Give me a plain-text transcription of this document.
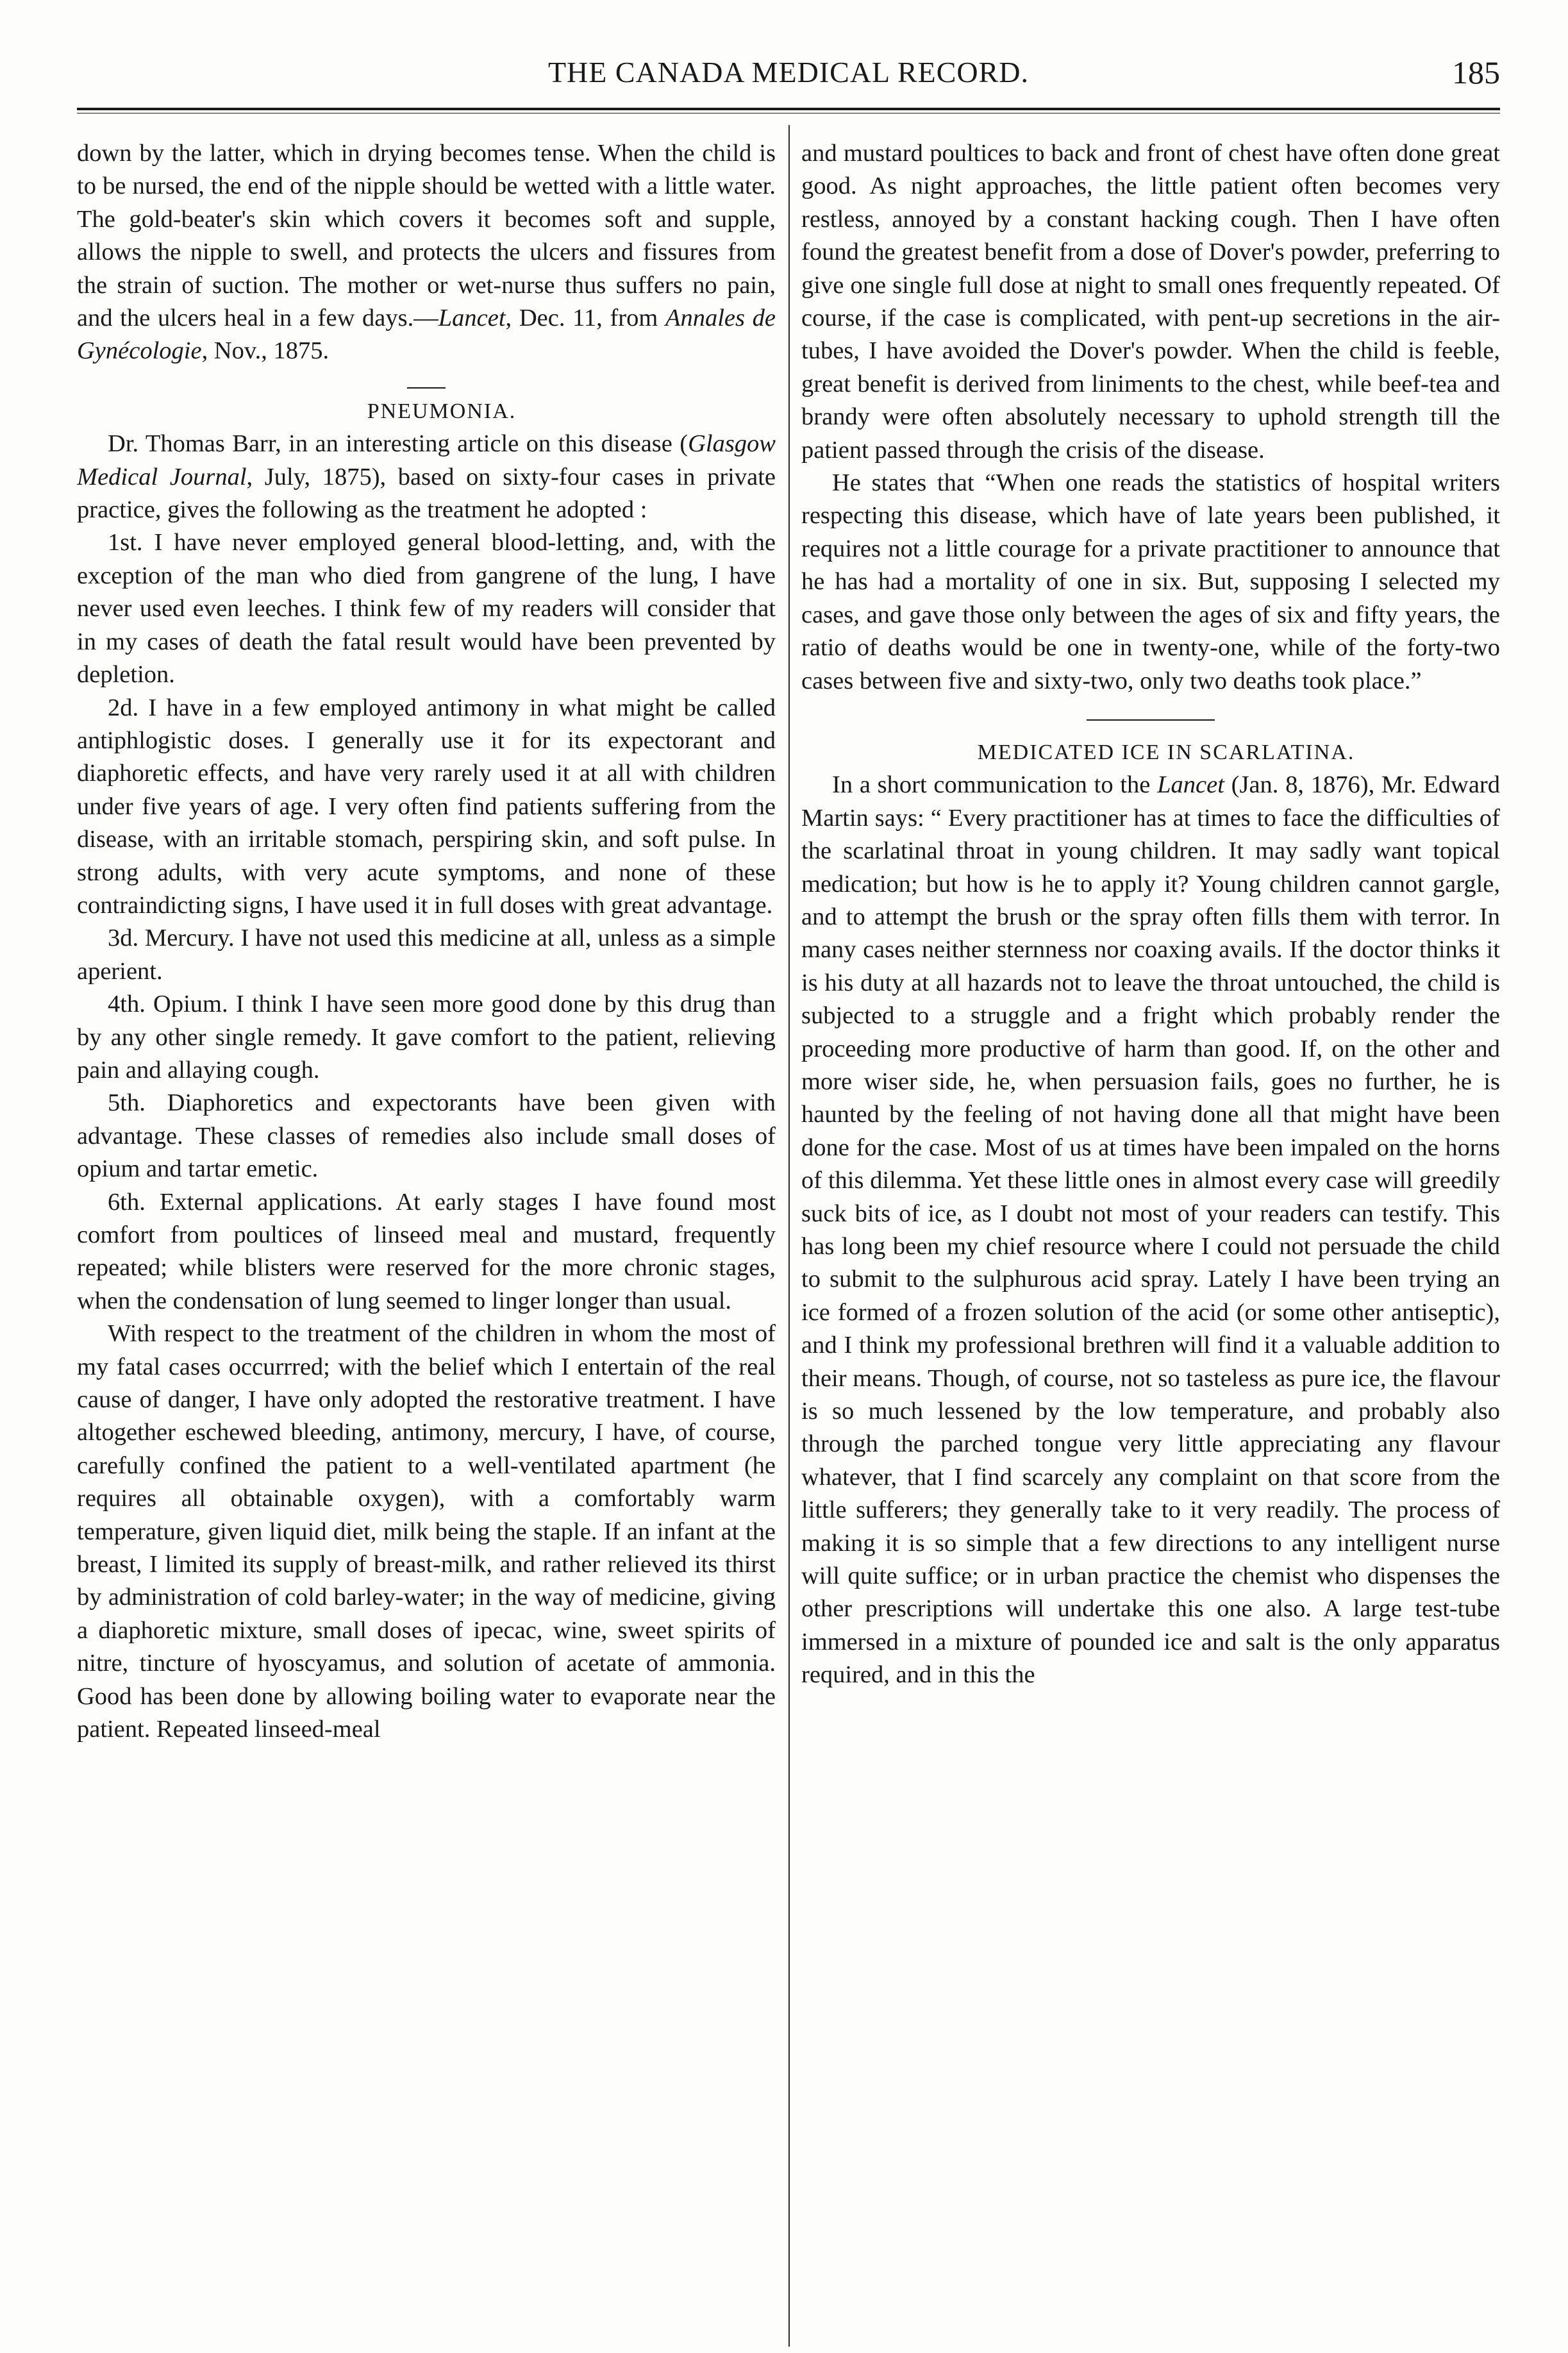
THE CANADA MEDICAL RECORD.	185

down by the latter, which in drying becomes tense. When the child is to be nursed, the end of the nipple should be wetted with a little water. The gold-beater's skin which covers it becomes soft and supple, allows the nipple to swell, and protects the ulcers and fissures from the strain of suction. The mother or wet-nurse thus suffers no pain, and the ulcers heal in a few days.—Lancet, Dec. 11, from Annales de Gynécologie, Nov., 1875.

PNEUMONIA.

Dr. Thomas Barr, in an interesting article on this disease (Glasgow Medical Journal, July, 1875), based on sixty-four cases in private practice, gives the following as the treatment he adopted :

1st. I have never employed general blood-letting, and, with the exception of the man who died from gangrene of the lung, I have never used even leeches. I think few of my readers will consider that in my cases of death the fatal result would have been prevented by depletion.

2d. I have in a few employed antimony in what might be called antiphlogistic doses. I generally use it for its expectorant and diaphoretic effects, and have very rarely used it at all with children under five years of age. I very often find patients suffering from the disease, with an irritable stomach, perspiring skin, and soft pulse. In strong adults, with very acute symptoms, and none of these contraindicting signs, I have used it in full doses with great advantage.

3d. Mercury. I have not used this medicine at all, unless as a simple aperient.

4th. Opium. I think I have seen more good done by this drug than by any other single remedy. It gave comfort to the patient, relieving pain and allaying cough.

5th. Diaphoretics and expectorants have been given with advantage. These classes of remedies also include small doses of opium and tartar emetic.

6th. External applications. At early stages I have found most comfort from poultices of linseed meal and mustard, frequently repeated; while blisters were reserved for the more chronic stages, when the condensation of lung seemed to linger longer than usual.

With respect to the treatment of the children in whom the most of my fatal cases occurrred; with the belief which I entertain of the real cause of danger, I have only adopted the restorative treatment. I have altogether eschewed bleeding, antimony, mercury, I have, of course, carefully confined the patient to a well-ventilated apartment (he requires all obtainable oxygen), with a comfortably warm temperature, given liquid diet, milk being the staple. If an infant at the breast, I limited its supply of breast-milk, and rather relieved its thirst by administration of cold barley-water; in the way of medicine, giving a diaphoretic mixture, small doses of ipecac, wine, sweet spirits of nitre, tincture of hyoscyamus, and solution of acetate of ammonia. Good has been done by allowing boiling water to evaporate near the patient. Repeated linseed-meal

and mustard poultices to back and front of chest have often done great good. As night approaches, the little patient often becomes very restless, annoyed by a constant hacking cough. Then I have often found the greatest benefit from a dose of Dover's powder, preferring to give one single full dose at night to small ones frequently repeated. Of course, if the case is complicated, with pent-up secretions in the air-tubes, I have avoided the Dover's powder. When the child is feeble, great benefit is derived from liniments to the chest, while beef-tea and brandy were often absolutely necessary to uphold strength till the patient passed through the crisis of the disease.

He states that “When one reads the statistics of hospital writers respecting this disease, which have of late years been published, it requires not a little courage for a private practitioner to announce that he has had a mortality of one in six. But, supposing I selected my cases, and gave those only between the ages of six and fifty years, the ratio of deaths would be one in twenty-one, while of the forty-two cases between five and sixty-two, only two deaths took place.”

MEDICATED ICE IN SCARLATINA.

In a short communication to the Lancet (Jan. 8, 1876), Mr. Edward Martin says: “ Every practitioner has at times to face the difficulties of the scarlatinal throat in young children. It may sadly want topical medication; but how is he to apply it? Young children cannot gargle, and to attempt the brush or the spray often fills them with terror. In many cases neither sternness nor coaxing avails. If the doctor thinks it is his duty at all hazards not to leave the throat untouched, the child is subjected to a struggle and a fright which probably render the proceeding more productive of harm than good. If, on the other and more wiser side, he, when persuasion fails, goes no further, he is haunted by the feeling of not having done all that might have been done for the case. Most of us at times have been impaled on the horns of this dilemma. Yet these little ones in almost every case will greedily suck bits of ice, as I doubt not most of your readers can testify. This has long been my chief resource where I could not persuade the child to submit to the sulphurous acid spray. Lately I have been trying an ice formed of a frozen solution of the acid (or some other antiseptic), and I think my professional brethren will find it a valuable addition to their means. Though, of course, not so tasteless as pure ice, the flavour is so much lessened by the low temperature, and probably also through the parched tongue very little appreciating any flavour whatever, that I find scarcely any complaint on that score from the little sufferers; they generally take to it very readily. The process of making it is so simple that a few directions to any intelligent nurse will quite suffice; or in urban practice the chemist who dispenses the other prescriptions will undertake this one also. A large test-tube immersed in a mixture of pounded ice and salt is the only apparatus required, and in this the
